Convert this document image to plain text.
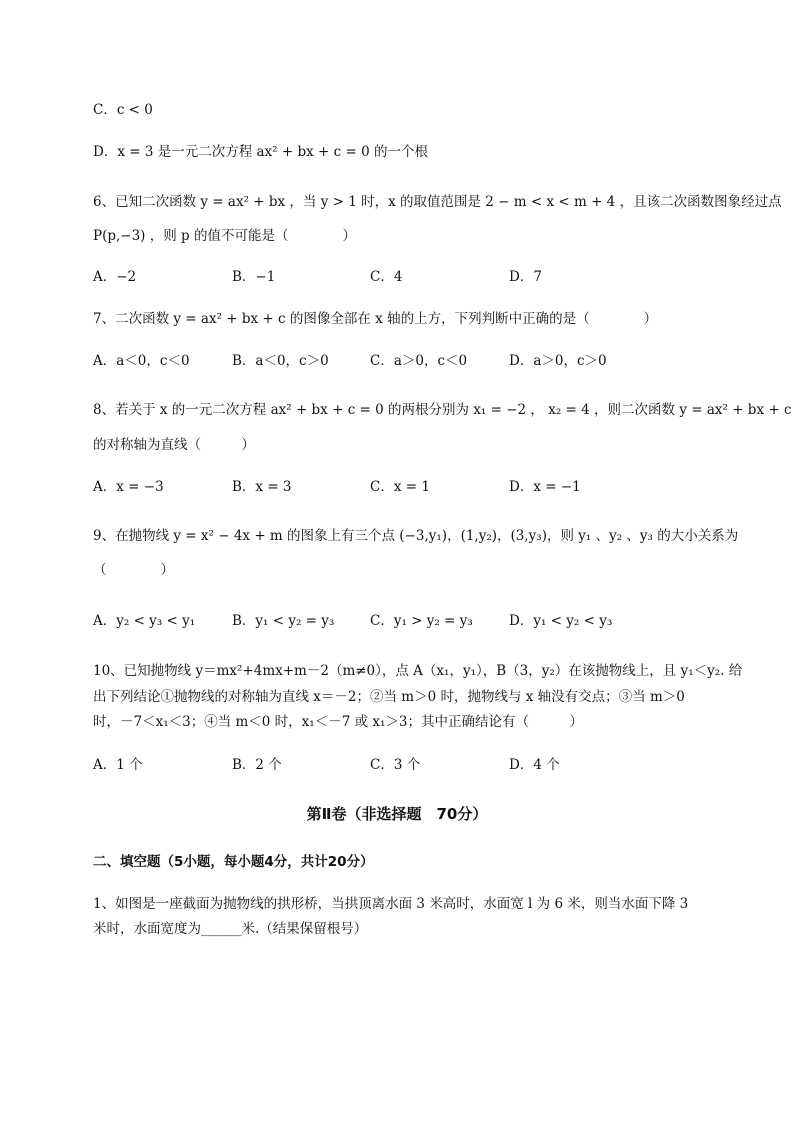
C．c < 0
D．x = 3 是一元二次方程 ax² + bx + c = 0 的一个根
6、已知二次函数 y = ax² + bx ，当 y > 1 时，x 的取值范围是 2 − m < x < m + 4 ，且该二次函数图象经过点
P(p,−3) ，则 p 的值不可能是（　　　　）
A．−2	B．−1	C．4	D．7
7、二次函数 y = ax² + bx + c 的图像全部在 x 轴的上方，下列判断中正确的是（　　　　）
A．a＜0，c＜0	B．a＜0，c＞0	C．a＞0，c＜0	D．a＞0，c＞0
8、若关于 x 的一元二次方程 ax² + bx + c = 0 的两根分别为 x₁ = −2 ， x₂ = 4 ，则二次函数 y = ax² + bx + c
的对称轴为直线（　　　）
A．x = −3	B．x = 3	C．x = 1	D．x = −1
9、在抛物线 y = x² − 4x + m 的图象上有三个点 (−3,y₁)，(1,y₂)，(3,y₃)，则 y₁ 、y₂ 、y₃ 的大小关系为
（　　　　）
A．y₂ < y₃ < y₁	B．y₁ < y₂ = y₃	C．y₁ > y₂ = y₃	D．y₁ < y₂ < y₃
10、已知抛物线 y＝mx²+4mx+m－2（m≠0），点 A（x₁，y₁），B（3，y₂）在该抛物线上，且 y₁＜y₂. 给
出下列结论①抛物线的对称轴为直线 x＝－2；②当 m＞0 时，抛物线与 x 轴没有交点；③当 m＞0
时，－7＜x₁＜3；④当 m＜0 时，x₁＜－7 或 x₁＞3；其中正确结论有（　　　）
A．1 个	B．2 个	C．3 个	D．4 个
第Ⅱ卷（非选择题　70分）
二、填空题（5小题，每小题4分，共计20分）
1、如图是一座截面为抛物线的拱形桥，当拱顶离水面 3 米高时，水面宽 l 为 6 米，则当水面下降 3
米时，水面宽度为______米.（结果保留根号）
